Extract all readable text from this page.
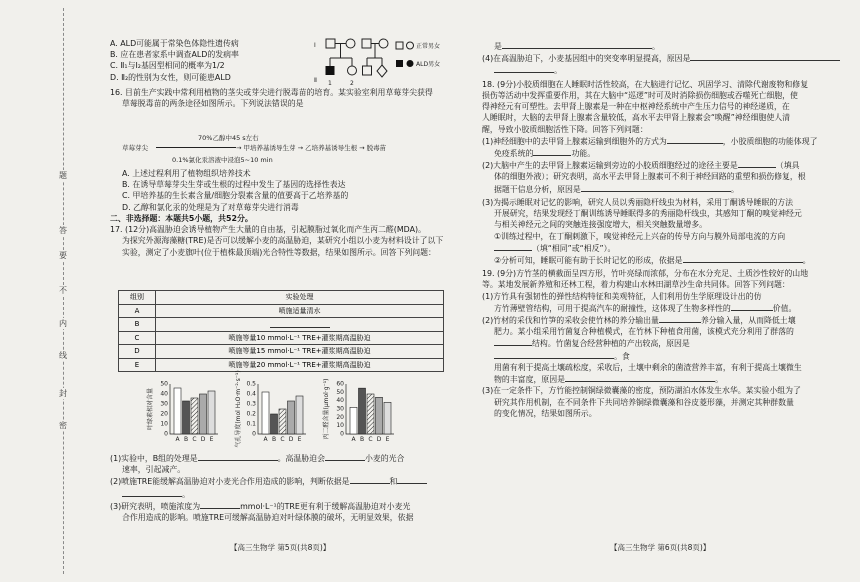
题
答
要
不
内
线
封
密

A. ALD可能属于常染色体隐性遗传病

B. 应在患者家系中调查ALD的发病率

C. Ⅱ₁与Ⅰ₂基因型相同的概率为1/2

D. Ⅱ₂的性别为女性，则可能患ALD

16. 目前生产实践中常利用植物的茎尖或芽尖进行脱毒苗的培育。某实验室利用草莓芽尖获得

草莓脱毒苗的两条途径如图所示。下列说法错误的是

Ⅰ
Ⅱ 1	2
正常男女
ALD男女
草莓芽尖
70%乙醇中45 s左右
0.1%氯化汞溶液中浸泡5~10 min
→ 甲培养基诱导生芽 → 乙培养基诱导生根 → 脱毒苗

A. 上述过程利用了植物组织培养技术

B. 在诱导草莓芽尖生芽或生根的过程中发生了基因的选择性表达

C. 甲培养基的生长素含量/细胞分裂素含量的值要高于乙培养基的

D. 乙醇和氯化汞的处理是为了对草莓芽尖进行消毒

二、非选择题：本题共5小题，共52分。

17. (12分)高温胁迫会诱导植物产生大量的自由基，引起膜脂过氧化而产生丙二醛(MDA)。

为探究外源海藻糖(TRE)是否可以缓解小麦的高温胁迫，某研究小组以小麦为材料设计了以下

实验，测定了小麦旗叶(位于植株最顶端)光合特性等数据，结果如图所示。回答下列问题：

组别	实验处理
A	喷施适量清水
B	
C	喷施等量10 mmol·L⁻¹ TRE+灌浆期高温胁迫
D	喷施等量15 mmol·L⁻¹ TRE+灌浆期高温胁迫
E	喷施等量20 mmol·L⁻¹ TRE+灌浆期高温胁迫
叶绿素相对含量
0
10
20
30
40
50
A B C D E	气孔导度(mol H₂O·m⁻²·s⁻¹) 0
0.1
0.2
0.3
0.4
0.5
A B C D E
丙二醛含量(μmol·g⁻¹) 0
10
20
30
40
50
60
A B C D E

(1)实验中，B组的处理是	。高温胁迫会	小麦的光合

速率，引起减产。

(2)喷施TRE能缓解高温胁迫对小麦光合作用造成的影响，判断依据是	和

。

(3)研究表明，喷施浓度为	mmol·L⁻¹的TRE更有利于缓解高温胁迫对小麦光

合作用造成的影响。喷施TRE可缓解高温胁迫对叶绿体膜的破坏，无明显效果，依据

【高三生物学 第5页(共8页)】

是	。

(4)在高温胁迫下，小麦基因组中的突变率明显提高，原因是

。

18. (9分)小胶质细胞在人睡眠时活性较高，在大脑进行记忆、巩固学习、清除代谢废物和修复

损伤等活动中发挥重要作用，其在大脑中“巡逻”时可及时消除损伤细胞或吞噬死亡细胞，使

得神经元有可塑性。去甲肾上腺素是一种在中枢神经系统中产生压力信号的神经递质，在

人睡眠时，大脑的去甲肾上腺素含量较低，高水平去甲肾上腺素会“唤醒”神经细胞使人清

醒，导致小胶质细胞活性下降。回答下列问题：

(1)神经细胞中的去甲肾上腺素运输到细胞外的方式为	，小胶质细胞的功能体现了

免疫系统的	功能。

(2)大脑中产生的去甲肾上腺素运输到旁边的小胶质细胞经过的途径主要是	（填具

体的细胞外液）；研究表明，高水平去甲肾上腺素可不利于神经回路的重塑和损伤修复，根

据题干信息分析，原因是	。

(3)为揭示睡眠对记忆的影响，研究人员以秀丽隐杆线虫为材料，采用丁酮诱导睡眠的方法

开展研究，结果发现经丁酮训练诱导睡眠得多的秀丽隐杆线虫，其感知丁酮的嗅觉神经元

与相关神经元之间的突触连接强度增大，相关突触数量增多。

①训练过程中，在丁酮刺激下，嗅觉神经元上兴奋的传导方向与膜外局部电流的方向

（填“相同”或“相反”）。

②分析可知，睡眠可能有助于长时记忆的形成，依据是	。

19. (9分)方竹茎的横截面呈四方形，竹叶亮绿而浓郁，分布在水分充足、土质沙性较好的山地

等。某地发展新养殖和还林工程，着力构建山水林田湖草沙生命共同体。回答下列问题：

(1)方竹具有强韧性的弹性结构特征和美观特征，人们利用仿生学原理设计出的仿

方竹薄壁管结构，可用于提高汽车的耐撞性，这体现了生物多样性的	价值。

(2)竹材的采伐和竹笋的采收会使竹林的养分输出量	养分输入量，从而降低土壤

肥力。某小组采用竹菌复合种植模式，在竹林下种植食用菌，该模式充分利用了群落的

结构。竹菌复合经营种植的产出较高，原因是

。食

用菌有利于提高土壤疏松度，采收后，土壤中剩余的菌渣营养丰富，有利于提高土壤微生

物的丰富度，原因是	。

(3)在一定条件下，方竹能控制铜绿微囊藻的密度，预防湖泊水体发生水华。某实验小组为了

研究其作用机制，在不同条件下共同培养铜绿微囊藻和谷皮菱形藻，并测定其种群数量

的变化情况，结果如图所示。

【高三生物学 第6页(共8页)】
